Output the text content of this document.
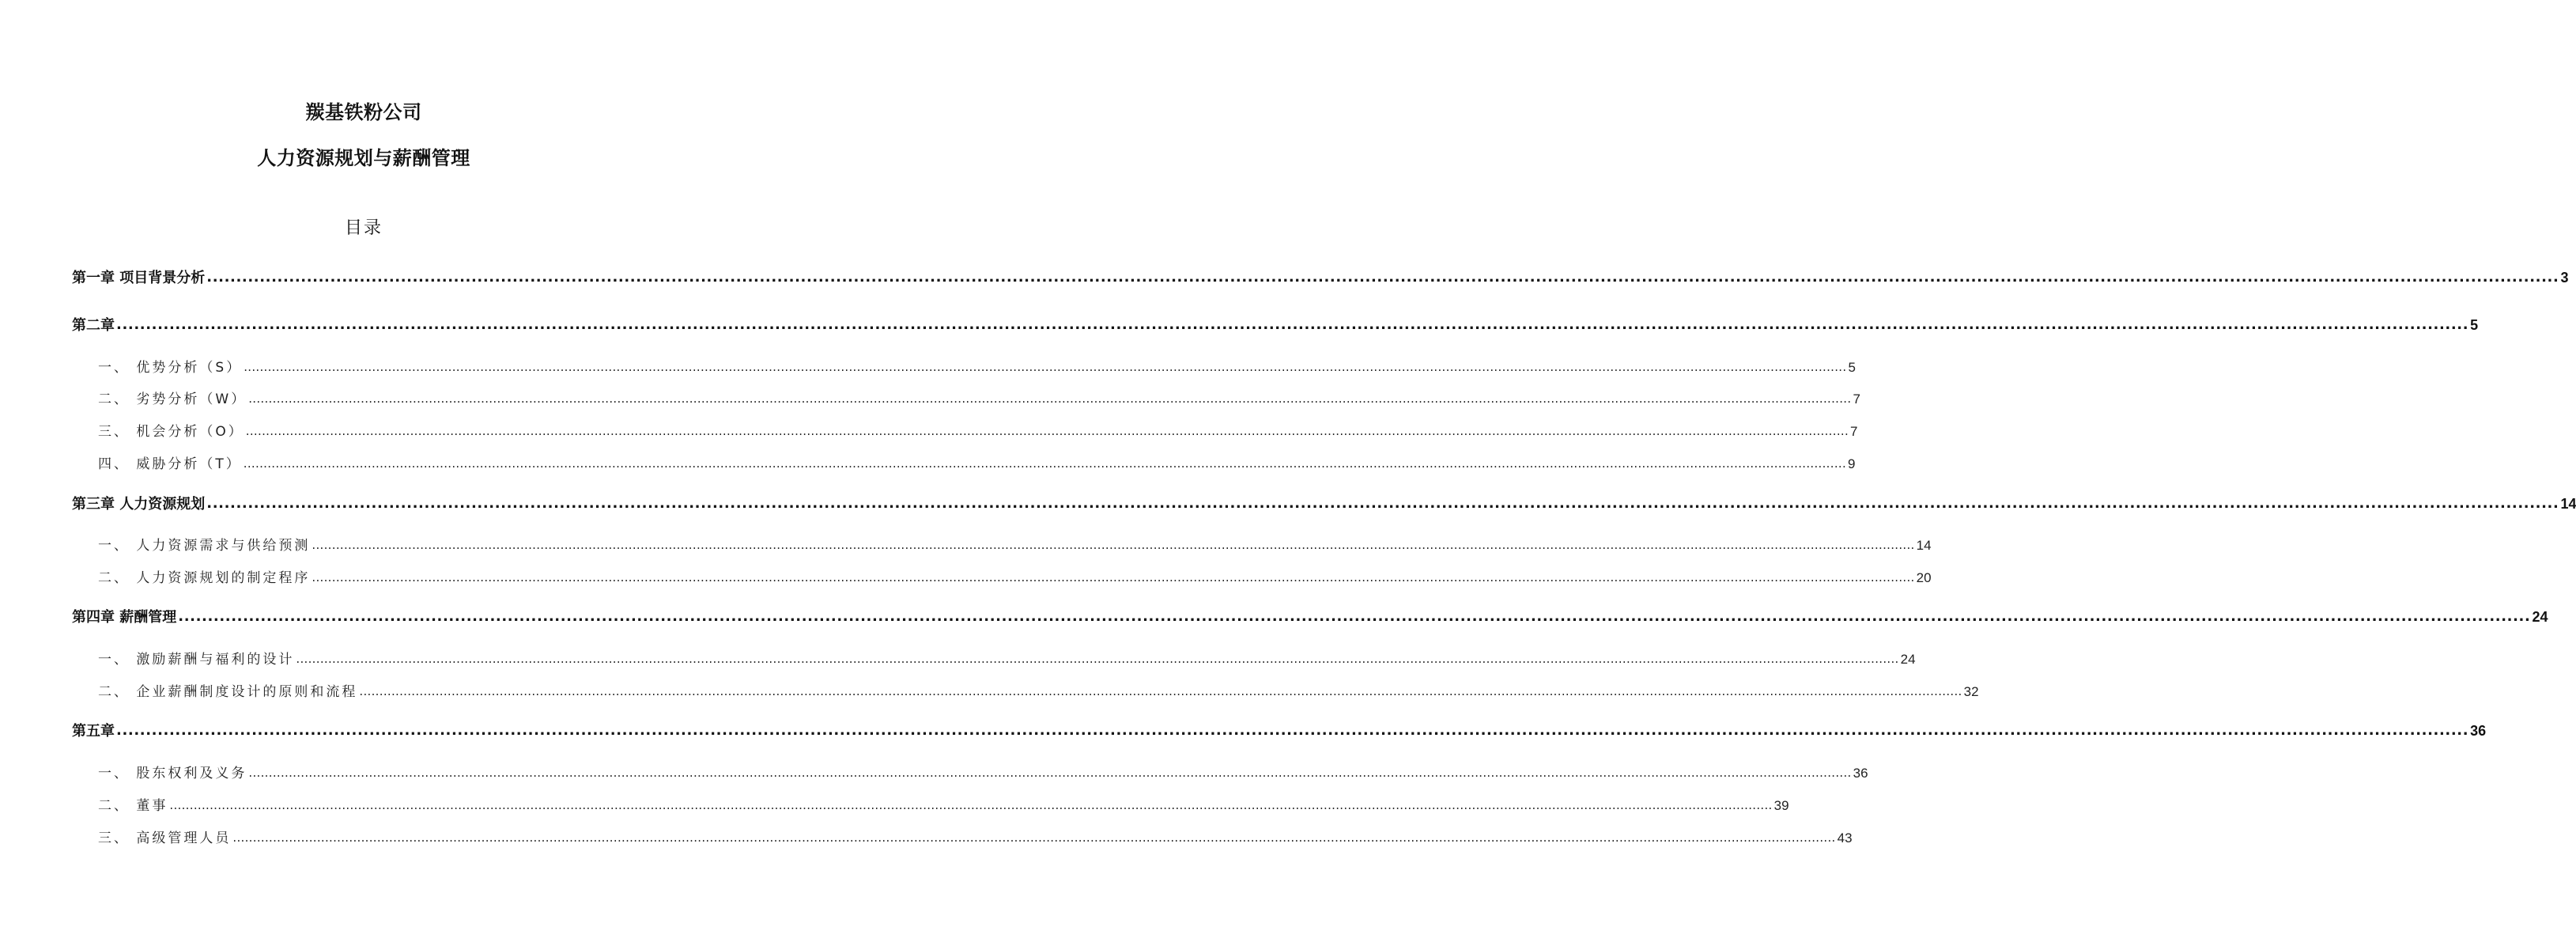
羰基铁粉公司
人力资源规划与薪酬管理
目录
第一章 项目背景分析 ................................................................................................................................................................................................................................................................................................................................................................................................................ 3
第二章 ................................................................................................................................................................................................................................................................................................................................................................................................................ 5
一、 优势分析（S） ................................................................................................................................................................................................................................................................................................................................................................................................................ 5
二、 劣势分析（W） ................................................................................................................................................................................................................................................................................................................................................................................................................ 7
三、 机会分析（O） ................................................................................................................................................................................................................................................................................................................................................................................................................ 7
四、 威胁分析（T） ................................................................................................................................................................................................................................................................................................................................................................................................................ 9
第三章 人力资源规划 ................................................................................................................................................................................................................................................................................................................................................................................................................ 14
一、 人力资源需求与供给预测 ................................................................................................................................................................................................................................................................................................................................................................................................................ 14
二、 人力资源规划的制定程序 ................................................................................................................................................................................................................................................................................................................................................................................................................ 20
第四章 薪酬管理 ................................................................................................................................................................................................................................................................................................................................................................................................................ 24
一、 激励薪酬与福利的设计 ................................................................................................................................................................................................................................................................................................................................................................................................................ 24
二、 企业薪酬制度设计的原则和流程 ................................................................................................................................................................................................................................................................................................................................................................................................................ 32
第五章 ................................................................................................................................................................................................................................................................................................................................................................................................................ 36
一、 股东权利及义务 ................................................................................................................................................................................................................................................................................................................................................................................................................ 36
二、 董事 ................................................................................................................................................................................................................................................................................................................................................................................................................ 39
三、 高级管理人员 ................................................................................................................................................................................................................................................................................................................................................................................................................ 43
